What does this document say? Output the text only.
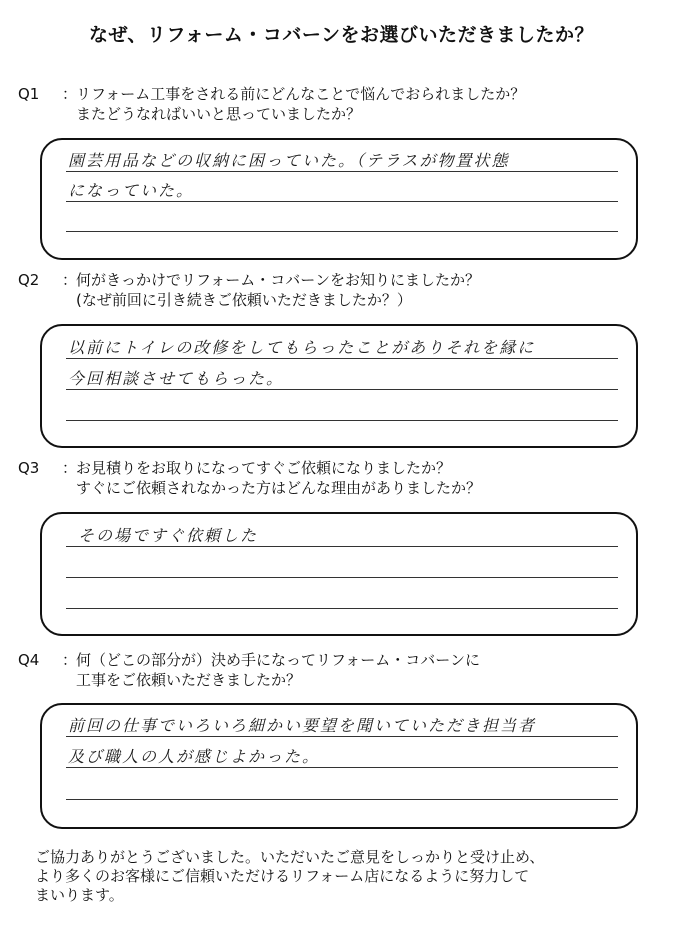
なぜ、リフォーム・コバーンをお選びいただきましたか？
Q1	：
リフォーム工事をされる前にどんなことで悩んでおられましたか？
またどうなればいいと思っていましたか？
園芸用品などの収納に困っていた。（テラスが物置状態
になっていた。
Q2	：
何がきっかけでリフォーム・コバーンをお知りにましたか？
(なぜ前回に引き続きご依頼いただきましたか？）
以前にトイレの改修をしてもらったことがありそれを縁に
今回相談させてもらった。
Q3	：
お見積りをお取りになってすぐご依頼になりましたか？
すぐにご依頼されなかった方はどんな理由がありましたか？
その場ですぐ依頼した
Q4	：
何（どこの部分が）決め手になってリフォーム・コバーンに
工事をご依頼いただきましたか？
前回の仕事でいろいろ細かい要望を聞いていただき担当者
及び職人の人が感じよかった。
ご協力ありがとうございました。いただいたご意見をしっかりと受け止め、
より多くのお客様にご信頼いただけるリフォーム店になるように努力して
まいります。
